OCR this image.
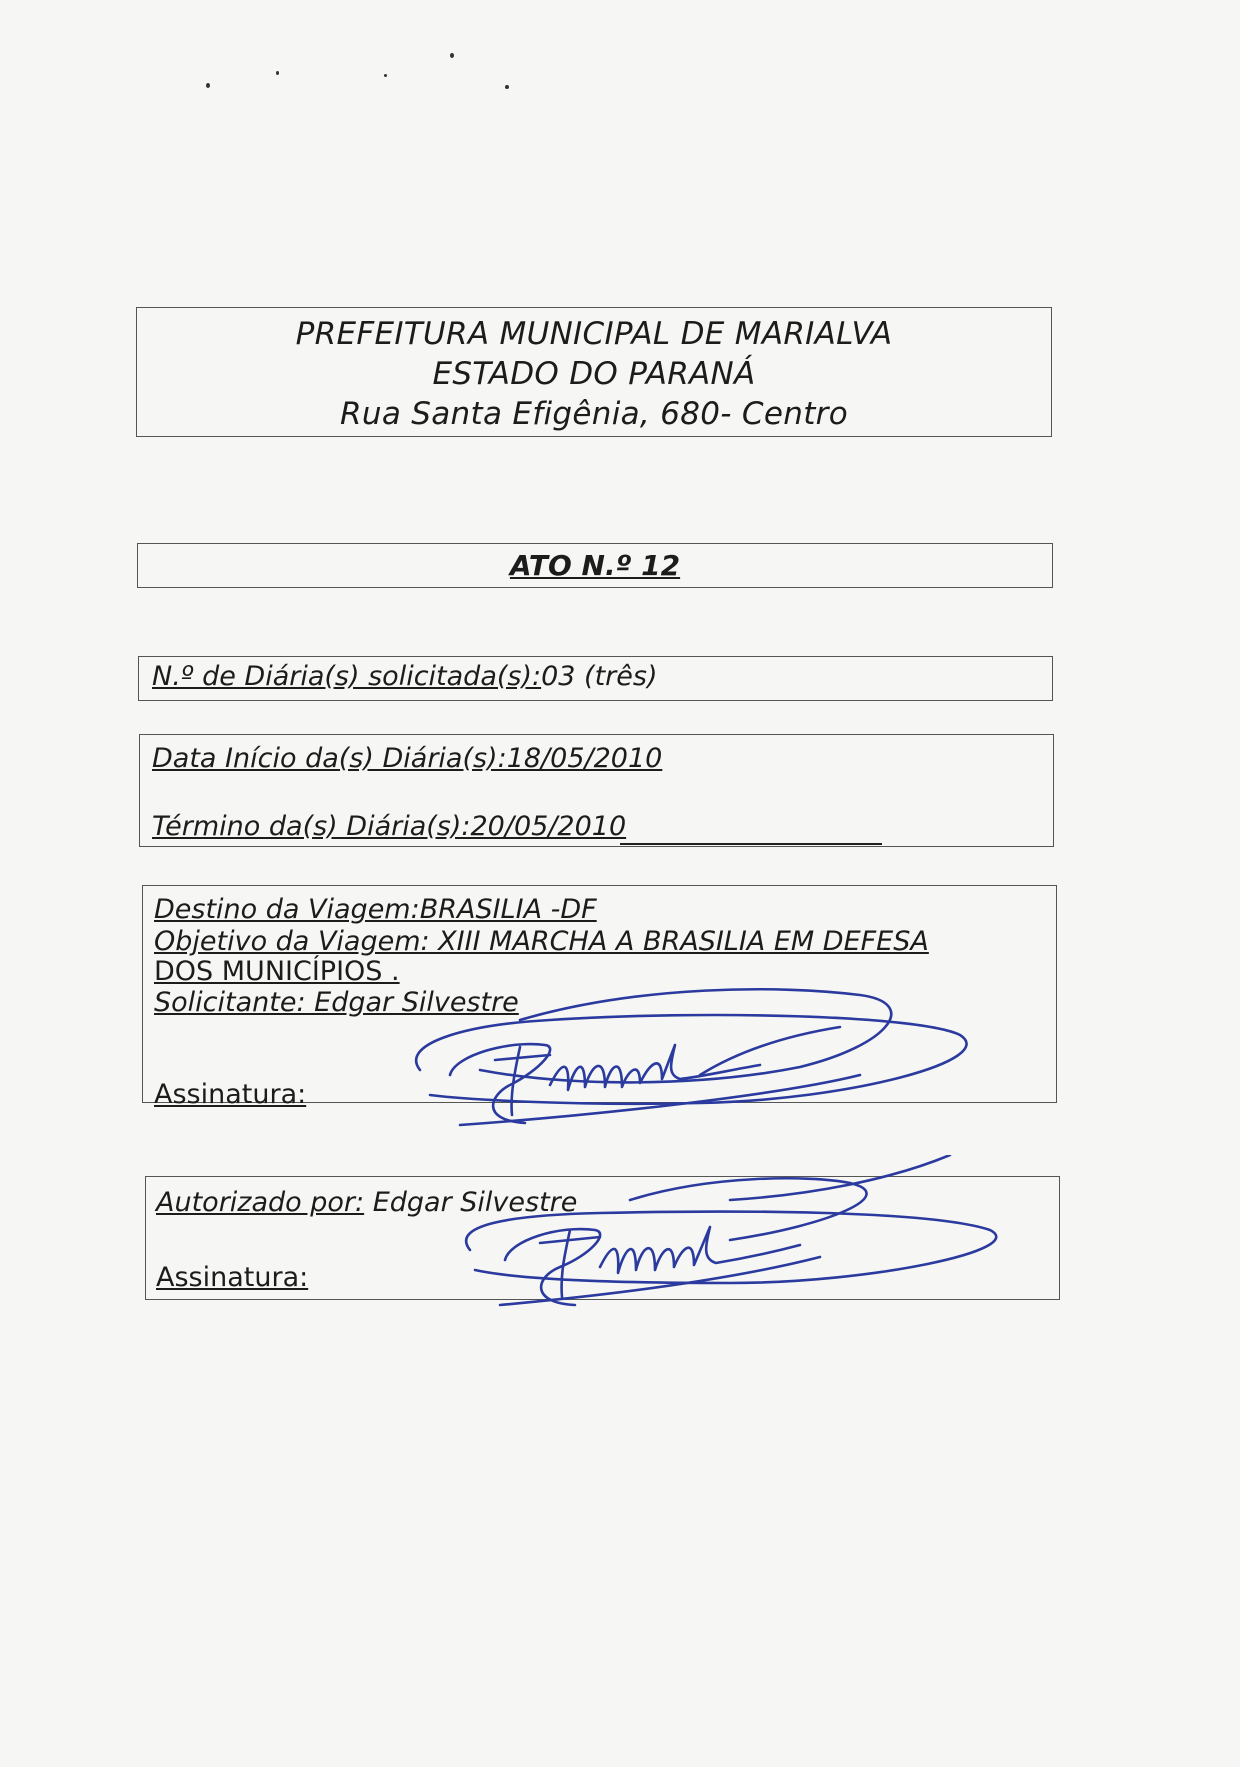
PREFEITURA MUNICIPAL DE MARIALVA
ESTADO DO PARANÁ
Rua Santa Efigênia, 680- Centro
ATO N.º 12
N.º de Diária(s) solicitada(s):03 (três)
Data Início da(s) Diária(s):18/05/2010
Término da(s) Diária(s):20/05/2010
Destino da Viagem:BRASILIA -DF
Objetivo da Viagem: XIII MARCHA A BRASILIA EM DEFESA
DOS MUNICÍPIOS .
Solicitante: Edgar Silvestre
Assinatura:
Autorizado por: Edgar Silvestre
Assinatura:
